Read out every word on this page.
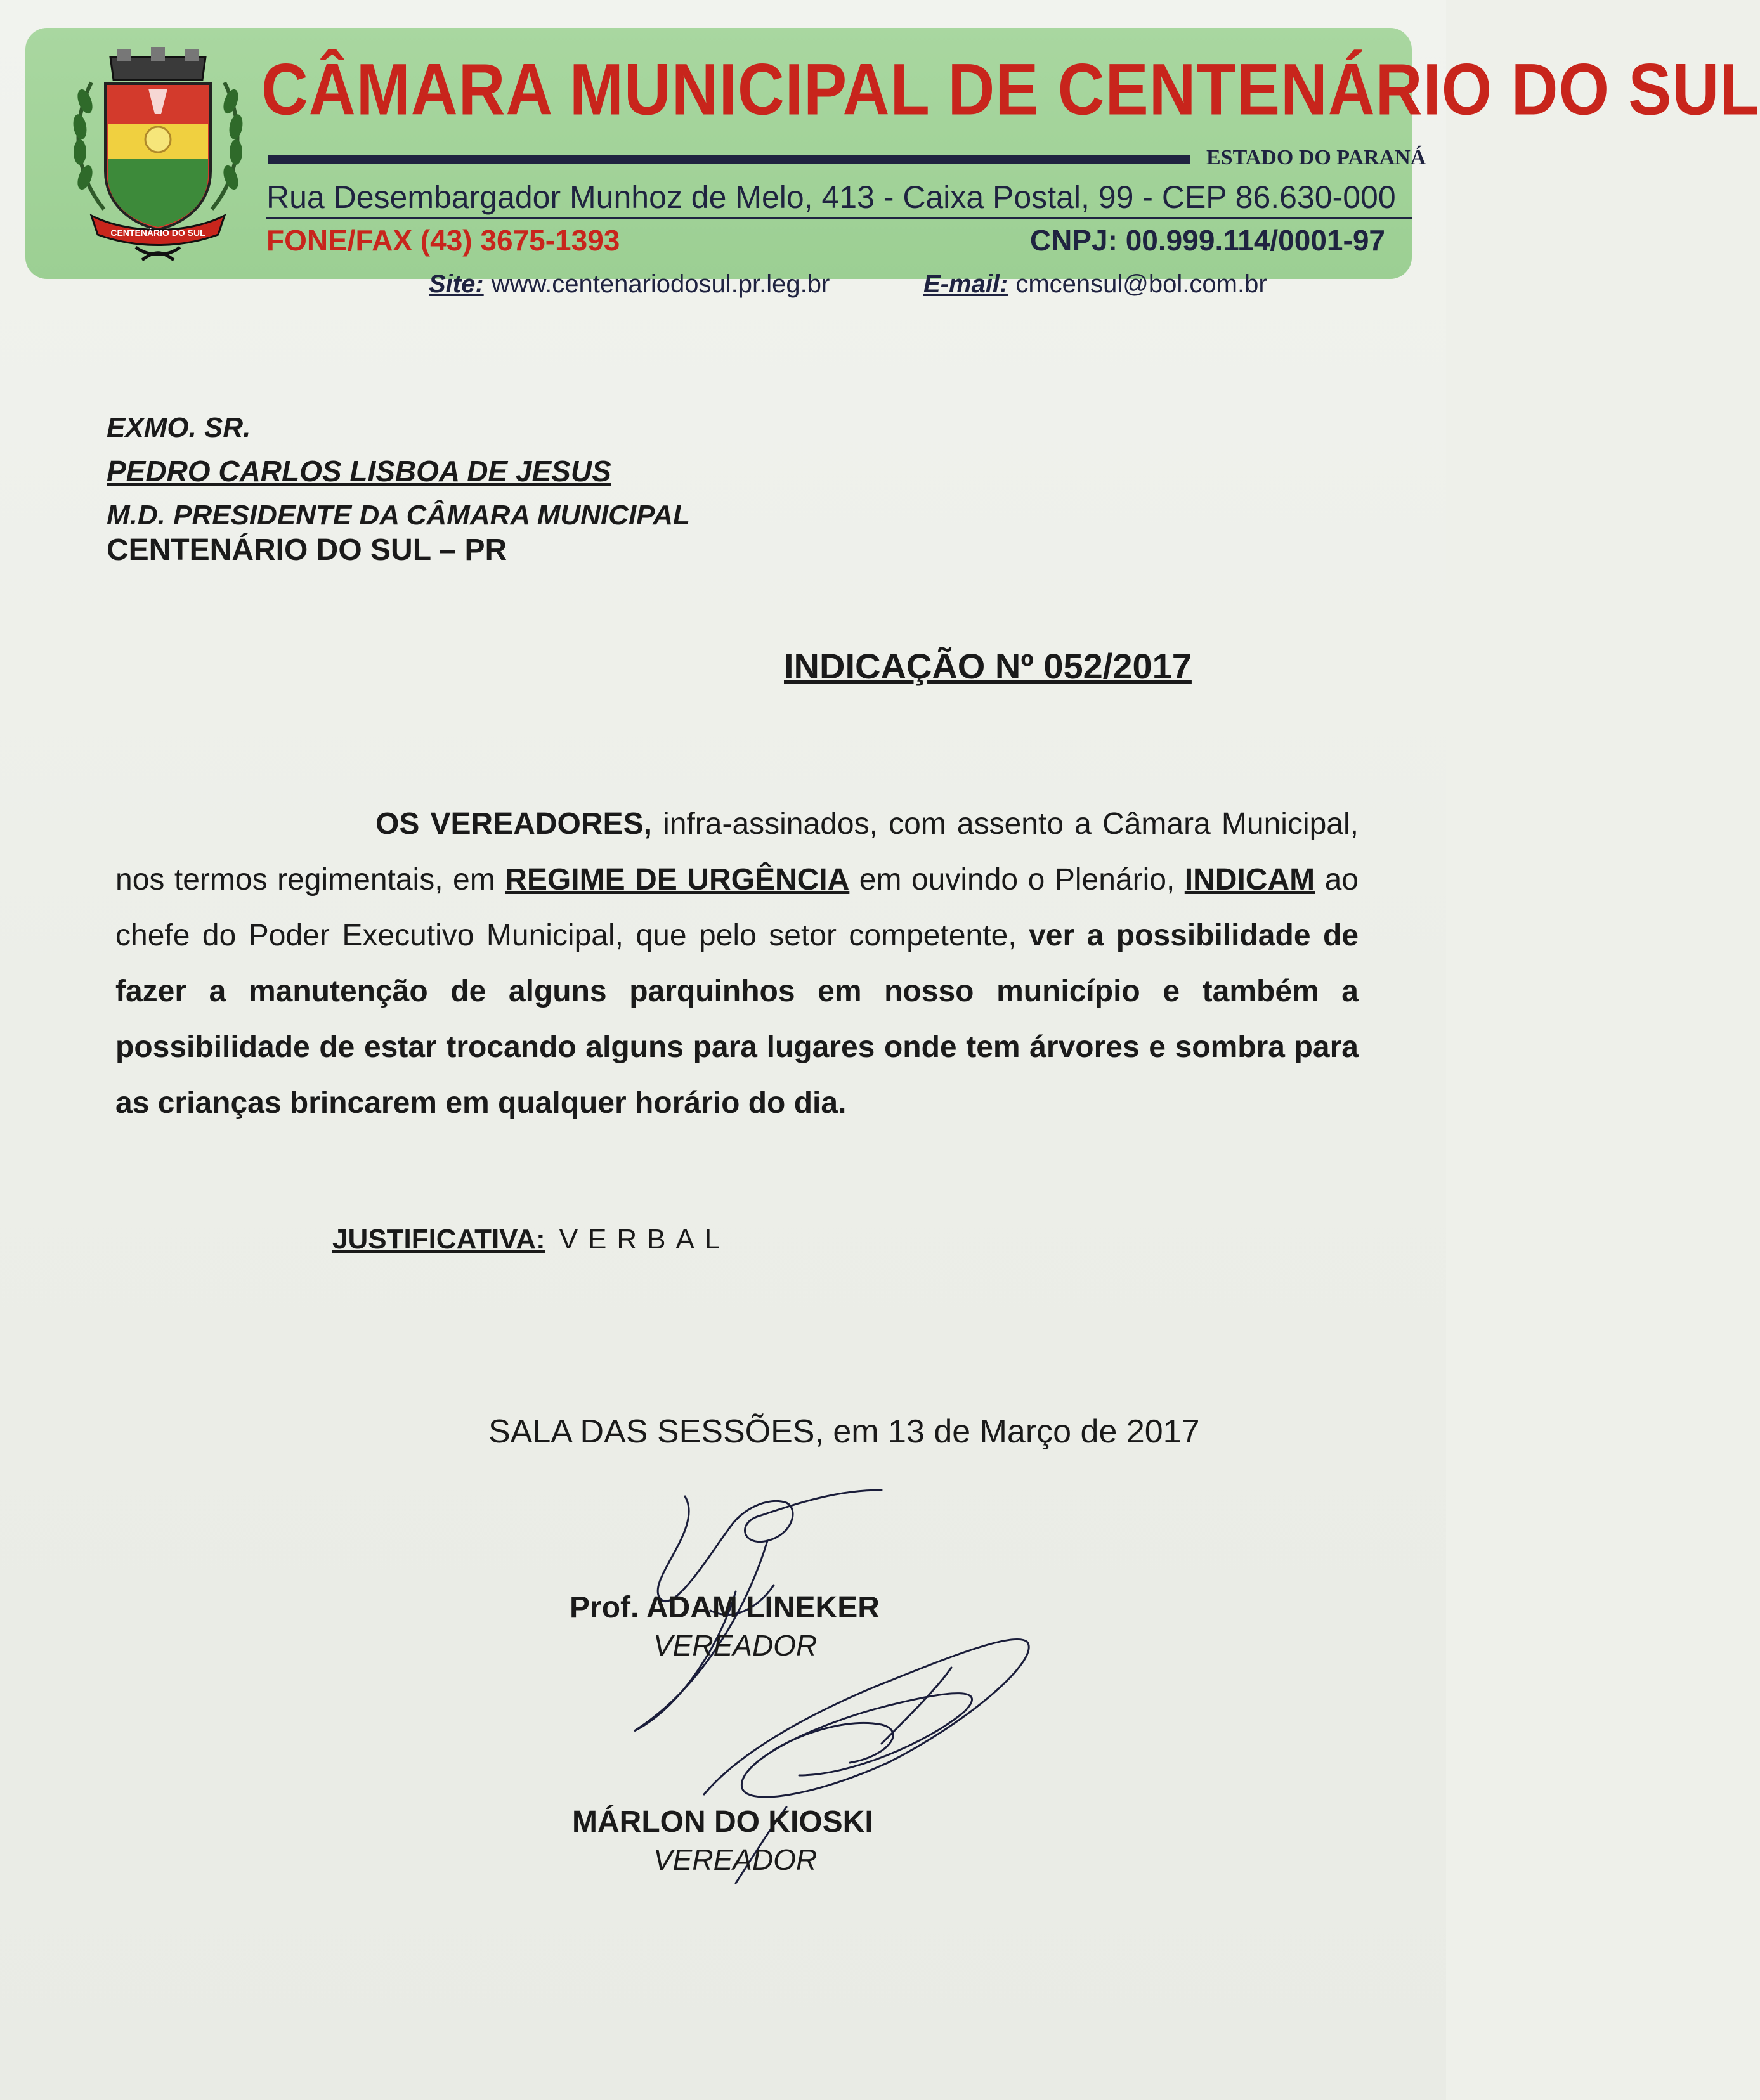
CENTENÁRIO DO SUL
CÂMARA MUNICIPAL DE CENTENÁRIO DO SUL
ESTADO DO PARANÁ
Rua Desembargador Munhoz de Melo, 413 - Caixa Postal, 99 - CEP 86.630-000
FONE/FAX (43) 3675-1393	CNPJ: 00.999.114/0001-97
Site: www.centenariodosul.pr.leg.br	E-mail: cmcensul@bol.com.br
EXMO. SR.
PEDRO CARLOS LISBOA DE JESUS
M.D. PRESIDENTE DA CÂMARA MUNICIPAL
CENTENÁRIO DO SUL – PR
INDICAÇÃO Nº 052/2017
OS VEREADORES, infra-assinados, com assento a Câmara Municipal, nos termos regimentais, em REGIME DE URGÊNCIA em ouvindo o Plenário, INDICAM ao chefe do Poder Executivo Municipal, que pelo setor competente, ver a possibilidade de fazer a manutenção de alguns parquinhos em nosso município e também a possibilidade de estar trocando alguns para lugares onde tem árvores e sombra para as crianças brincarem em qualquer horário do dia.
JUSTIFICATIVA: VERBAL
SALA DAS SESSÕES, em 13 de Março de 2017
Prof. ADAM LINEKER
VEREADOR
MÁRLON DO KIOSKI
VEREADOR
